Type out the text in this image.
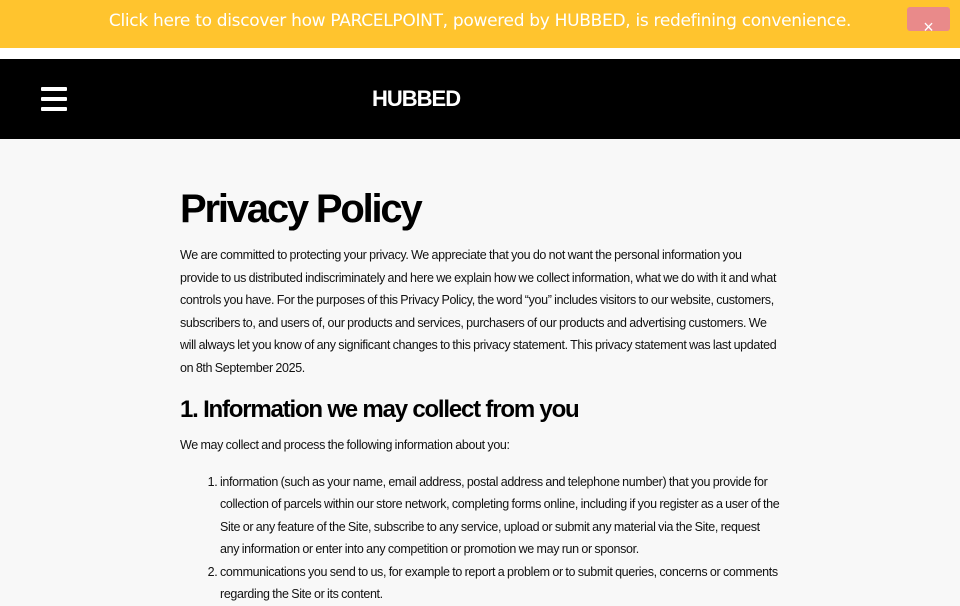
Click here to discover how PARCELPOINT, powered by HUBBED, is redefining convenience.	×
HUBBED
Privacy Policy

We are committed to protecting your privacy. We appreciate that you do not want the personal information you provide to us distributed indiscriminately and here we explain how we collect information, what we do with it and what controls you have. For the purposes of this Privacy Policy, the word “you” includes visitors to our website, customers, subscribers to, and users of, our products and services, purchasers of our products and advertising customers. We will always let you know of any significant changes to this privacy statement. This privacy statement was last updated on 8th September 2025.

1. Information we may collect from you

We may collect and process the following information about you:

1. information (such as your name, email address, postal address and telephone number) that you provide for collection of parcels within our store network, completing forms online, including if you register as a user of the Site or any feature of the Site, subscribe to any service, upload or submit any material via the Site, request any information or enter into any competition or promotion we may run or sponsor.
2. communications you send to us, for example to report a problem or to submit queries, concerns or comments regarding the Site or its content.
